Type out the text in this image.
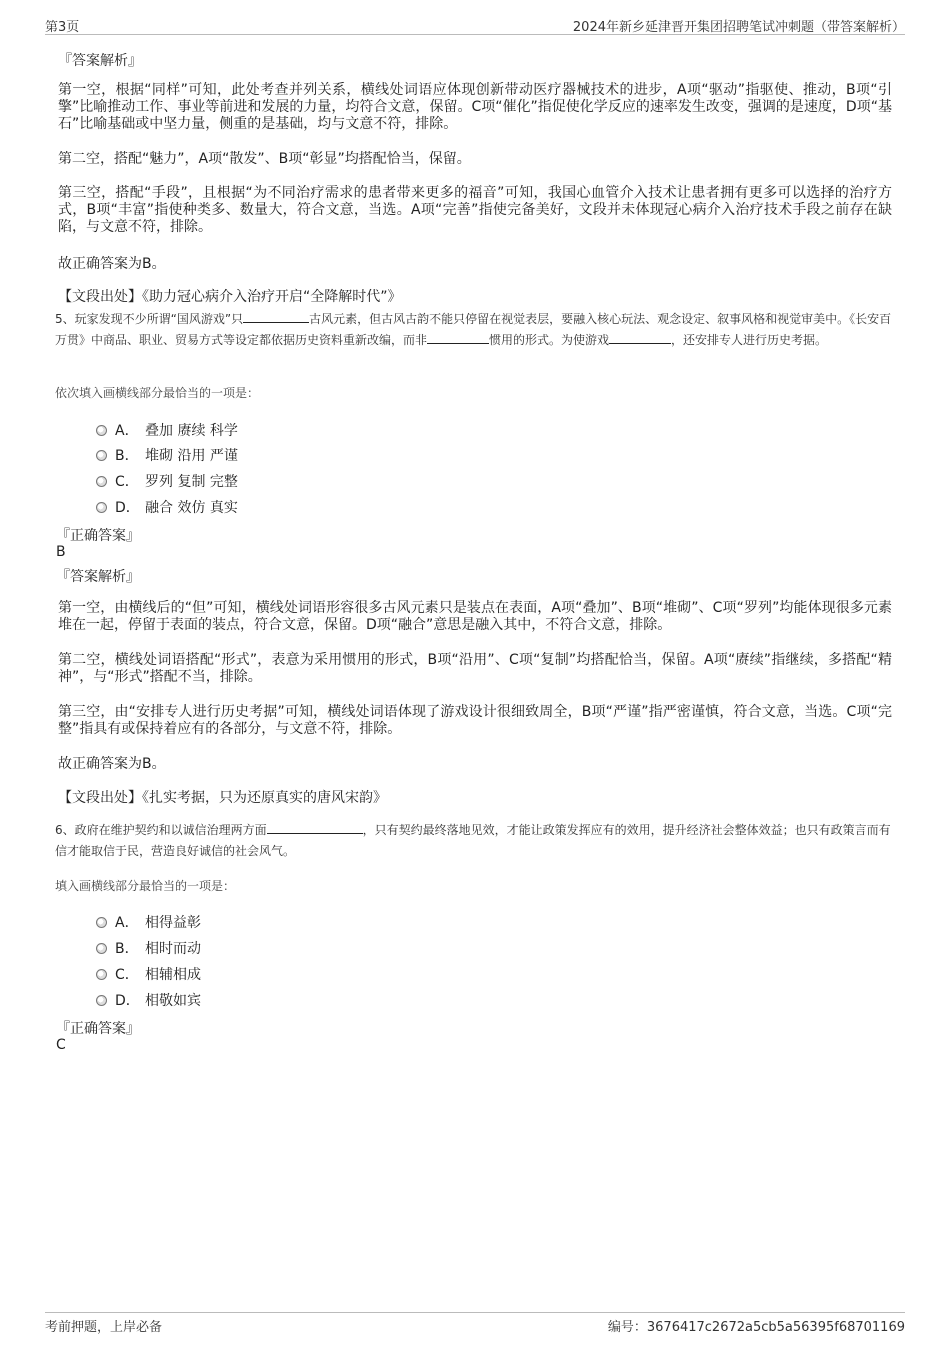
第3页	2024年新乡延津晋开集团招聘笔试冲刺题（带答案解析）
『答案解析』
第一空，根据“同样”可知，此处考查并列关系，横线处词语应体现创新带动医疗器械技术的进步，A项“驱动”指驱使、推动，B项“引擎”比喻推动工作、事业等前进和发展的力量，均符合文意，保留。C项“催化”指促使化学反应的速率发生改变，强调的是速度，D项“基石”比喻基础或中坚力量，侧重的是基础，均与文意不符，排除。
第二空，搭配“魅力”，A项“散发”、B项“彰显”均搭配恰当，保留。
第三空，搭配“手段”，且根据“为不同治疗需求的患者带来更多的福音”可知，我国心血管介入技术让患者拥有更多可以选择的治疗方式，B项“丰富”指使种类多、数量大，符合文意，当选。A项“完善”指使完备美好，文段并未体现冠心病介入治疗技术手段之前存在缺陷，与文意不符，排除。
故正确答案为B。
【文段出处】《助力冠心病介入治疗开启“全降解时代”》
5、玩家发现不少所谓“国风游戏”只	古风元素，但古风古韵不能只停留在视觉表层，要融入核心玩法、观念设定、叙事风格和视觉审美中。《长安百万贯》中商品、职业、贸易方式等设定都依据历史资料重新改编，而非	惯用的形式。为使游戏	，还安排专人进行历史考据。
依次填入画横线部分最恰当的一项是：
A． 叠加 赓续 科学
B． 堆砌 沿用 严谨
C． 罗列 复制 完整
D． 融合 效仿 真实
『正确答案』
B
『答案解析』
第一空，由横线后的“但”可知，横线处词语形容很多古风元素只是装点在表面，A项“叠加”、B项“堆砌”、C项“罗列”均能体现很多元素堆在一起，停留于表面的装点，符合文意，保留。D项“融合”意思是融入其中，不符合文意，排除。
第二空，横线处词语搭配“形式”，表意为采用惯用的形式，B项“沿用”、C项“复制”均搭配恰当，保留。A项“赓续”指继续，多搭配“精神”，与“形式”搭配不当，排除。
第三空，由“安排专人进行历史考据”可知，横线处词语体现了游戏设计很细致周全，B项“严谨”指严密谨慎，符合文意，当选。C项“完整”指具有或保持着应有的各部分，与文意不符，排除。
故正确答案为B。
【文段出处】《扎实考据，只为还原真实的唐风宋韵》
6、政府在维护契约和以诚信治理两方面	，只有契约最终落地见效，才能让政策发挥应有的效用，提升经济社会整体效益；也只有政策言而有信才能取信于民，营造良好诚信的社会风气。
填入画横线部分最恰当的一项是：
A． 相得益彰
B． 相时而动
C． 相辅相成
D． 相敬如宾
『正确答案』
C
考前押题，上岸必备	编号：3676417c2672a5cb5a56395f68701169
